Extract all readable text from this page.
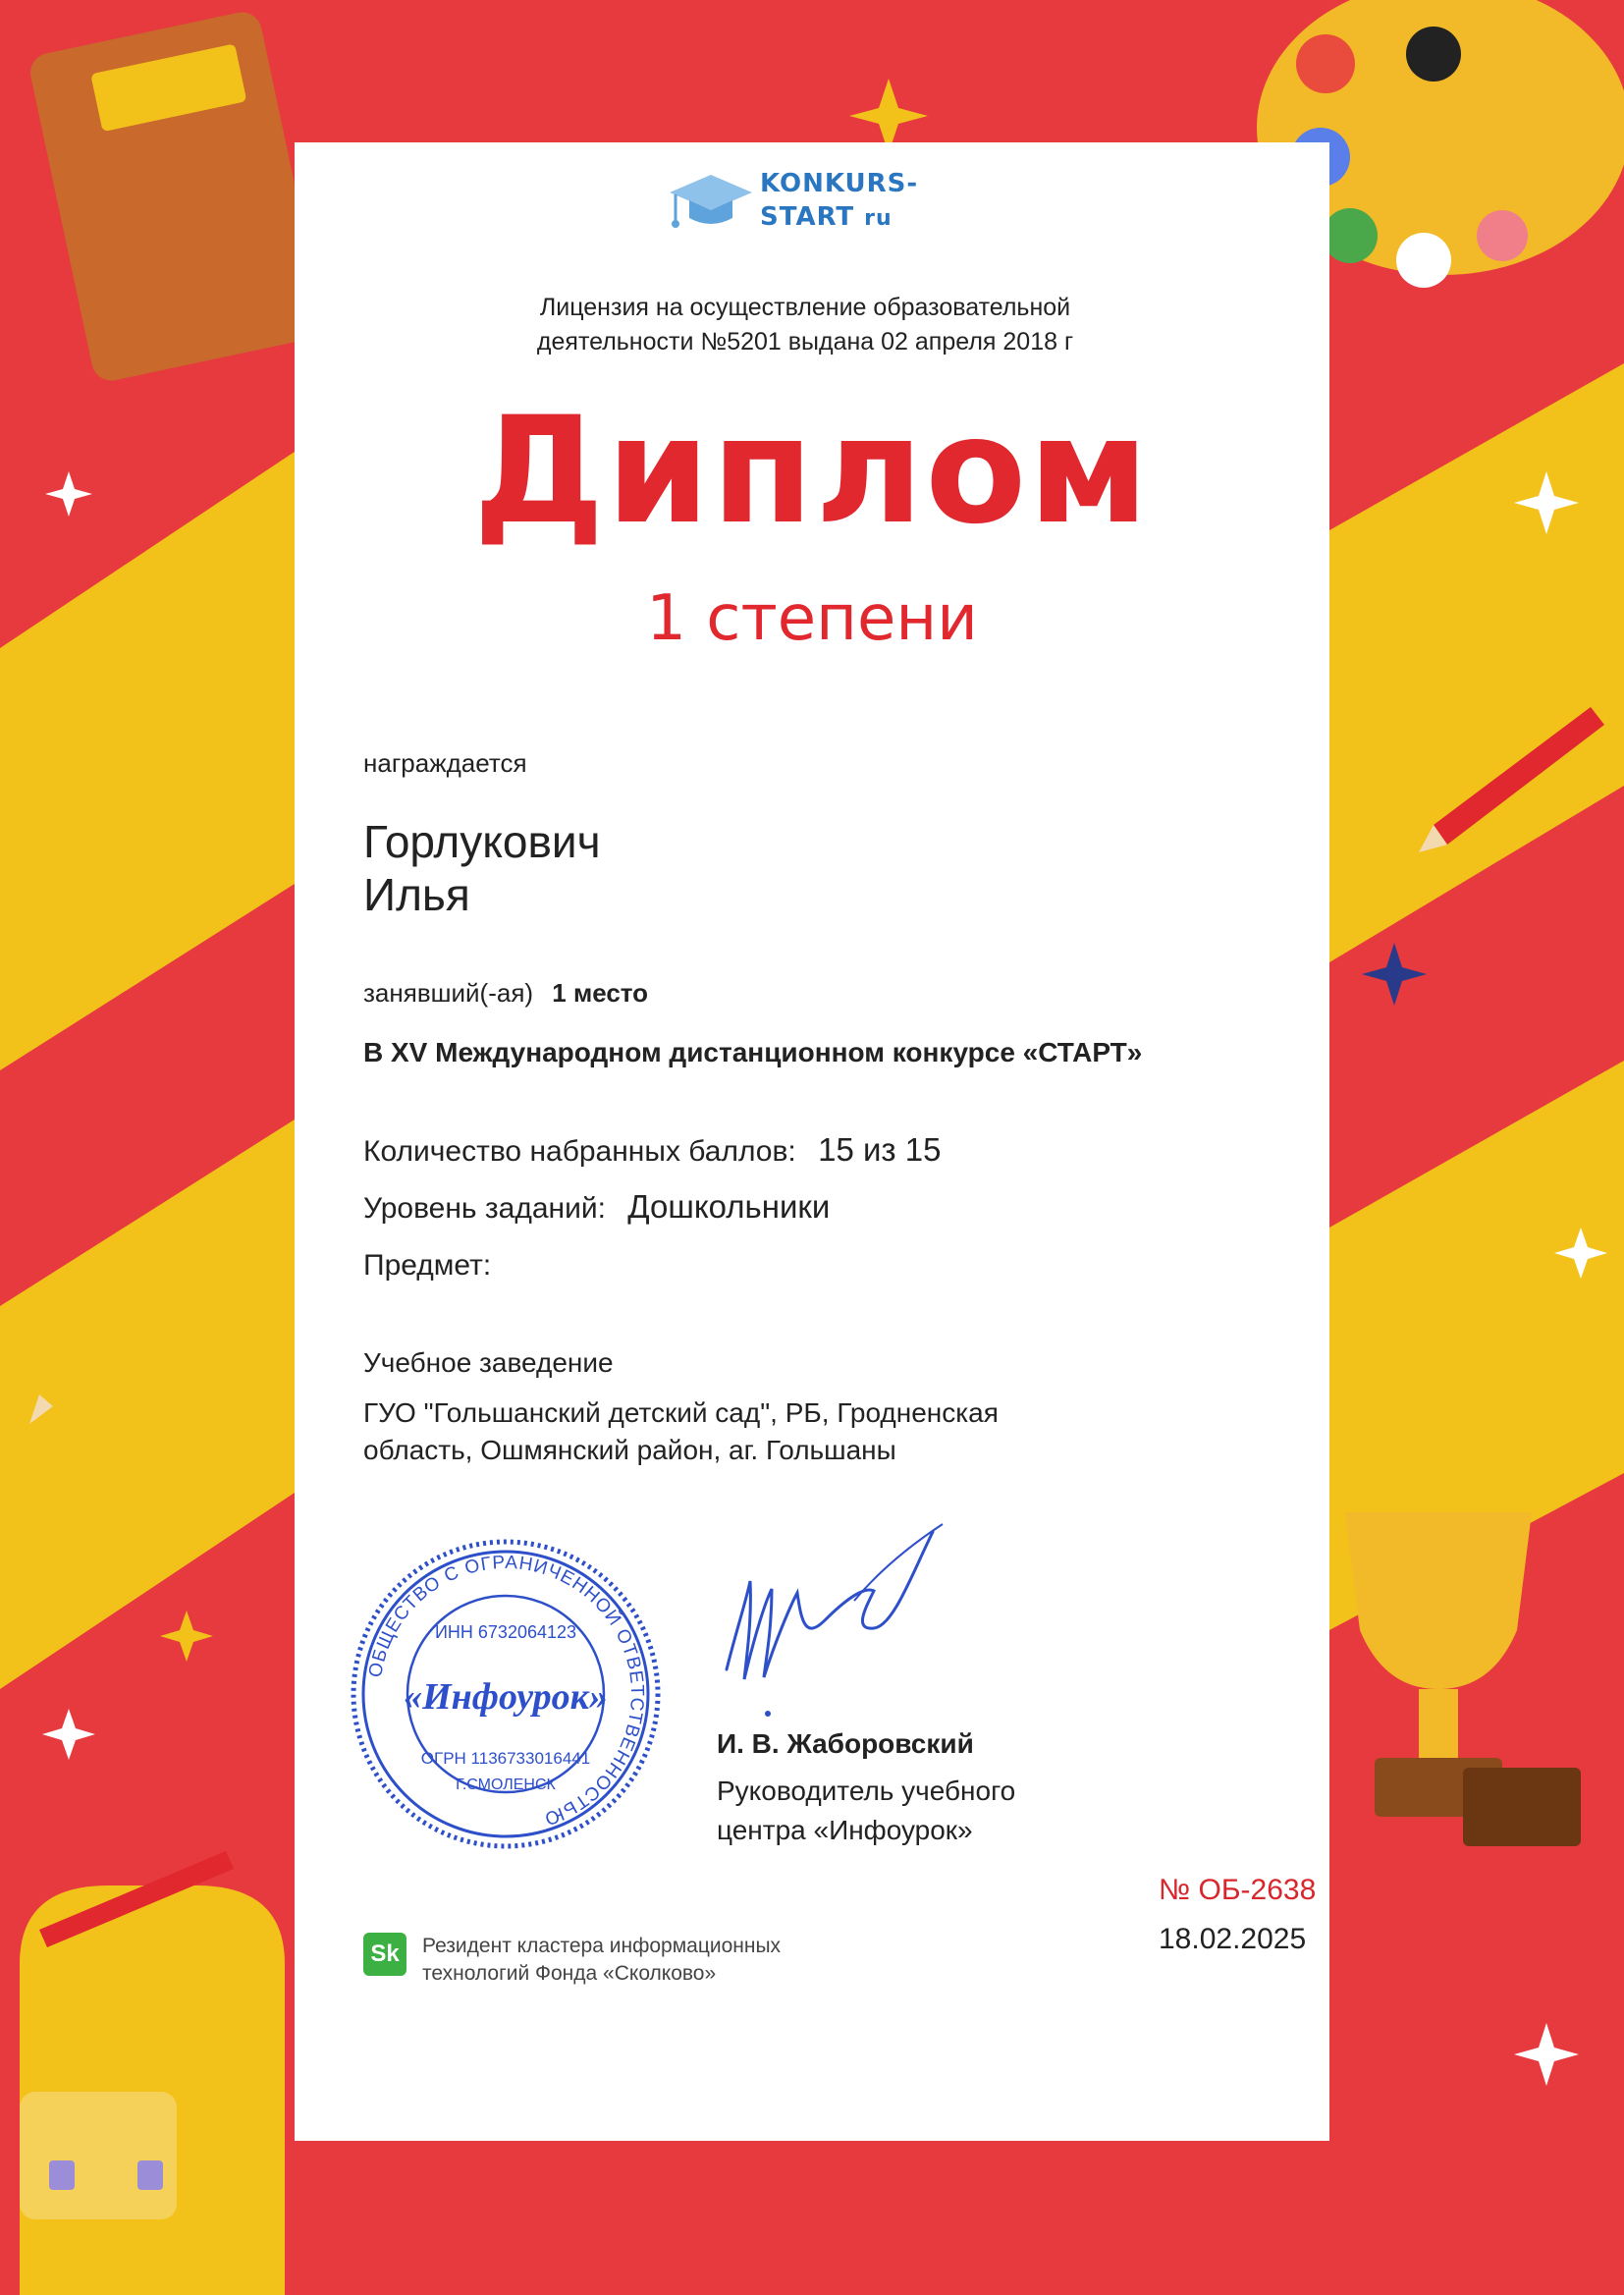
KONKURS-
START ru
Лицензия на осуществление образовательной
деятельности №5201 выдана 02 апреля 2018 г
Диплом
1 степени
награждается
Горлукович
Илья
занявший(-ая) 1 место
В XV Международном дистанционном конкурсе «СТАРТ»
Количество набранных баллов: 15 из 15
Уровень заданий: Дошкольники
Предмет:
Учебное заведение
ГУО "Гольшанский детский сад", РБ, Гродненская
область, Ошмянский район, аг. Гольшаны
ОБЩЕСТВО С ОГРАНИЧЕННОЙ ОТВЕТСТВЕННОСТЬЮ
ИНН 6732064123
«Инфоурок»
ОГРН 1136733016441
Г.СМОЛЕНСК
И. В. Жаборовский
Руководитель учебного
центра «Инфоурок»
№ ОБ-2638
18.02.2025
Sk	Резидент кластера информационных
технологий Фонда «Сколково»
